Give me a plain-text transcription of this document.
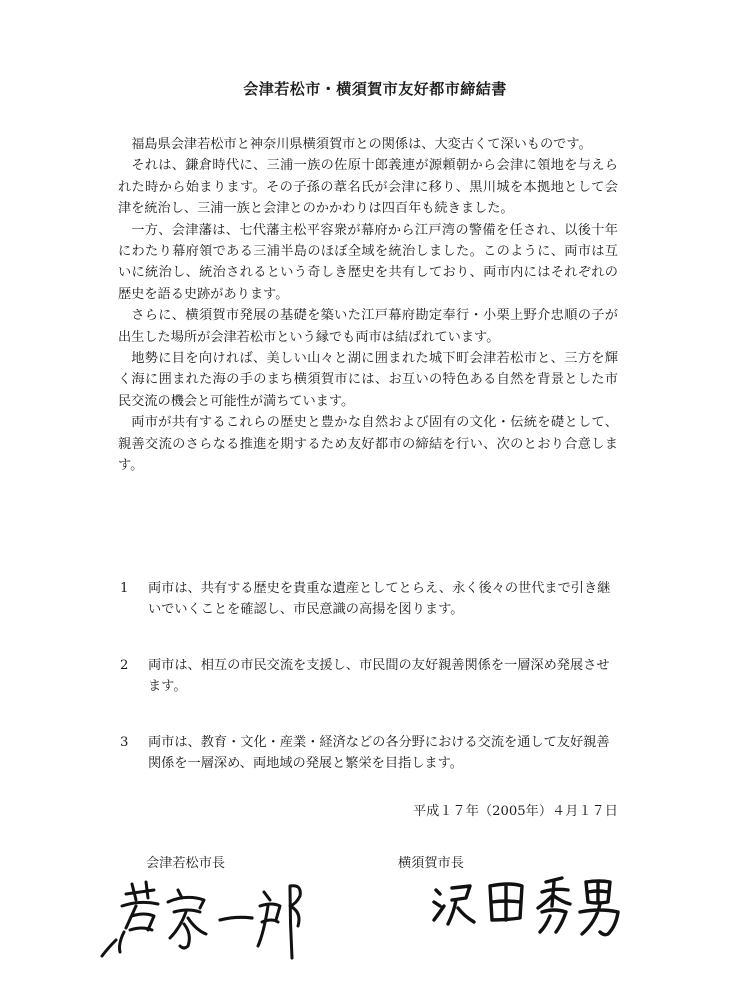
会津若松市・横須賀市友好都市締結書

福島県会津若松市と神奈川県横須賀市との関係は、大変古くて深いものです。

それは、鎌倉時代に、三浦一族の佐原十郎義連が源頼朝から会津に領地を与えられた時から始まります。その子孫の葦名氏が会津に移り、黒川城を本拠地として会津を統治し、三浦一族と会津とのかかわりは四百年も続きました。

一方、会津藩は、七代藩主松平容衆が幕府から江戸湾の警備を任され、以後十年にわたり幕府領である三浦半島のほぼ全域を統治しました。このように、両市は互いに統治し、統治されるという奇しき歴史を共有しており、両市内にはそれぞれの歴史を語る史跡があります。

さらに、横須賀市発展の基礎を築いた江戸幕府勘定奉行・小栗上野介忠順の子が出生した場所が会津若松市という縁でも両市は結ばれています。

地勢に目を向ければ、美しい山々と湖に囲まれた城下町会津若松市と、三方を輝く海に囲まれた海の手のまち横須賀市には、お互いの特色ある自然を背景とした市民交流の機会と可能性が満ちています。

両市が共有するこれらの歴史と豊かな自然および固有の文化・伝統を礎として、親善交流のさらなる推進を期するため友好都市の締結を行い、次のとおり合意します。

1 両市は、共有する歴史を貴重な遺産としてとらえ、永く後々の世代まで引き継いでいくことを確認し、市民意識の高揚を図ります。
2 両市は、相互の市民交流を支援し、市民間の友好親善関係を一層深め発展させます。
3 両市は、教育・文化・産業・経済などの各分野における交流を通して友好親善関係を一層深め、両地域の発展と繁栄を目指します。
平成１７年（2005年）４月１７日
会津若松市長	横須賀市長
